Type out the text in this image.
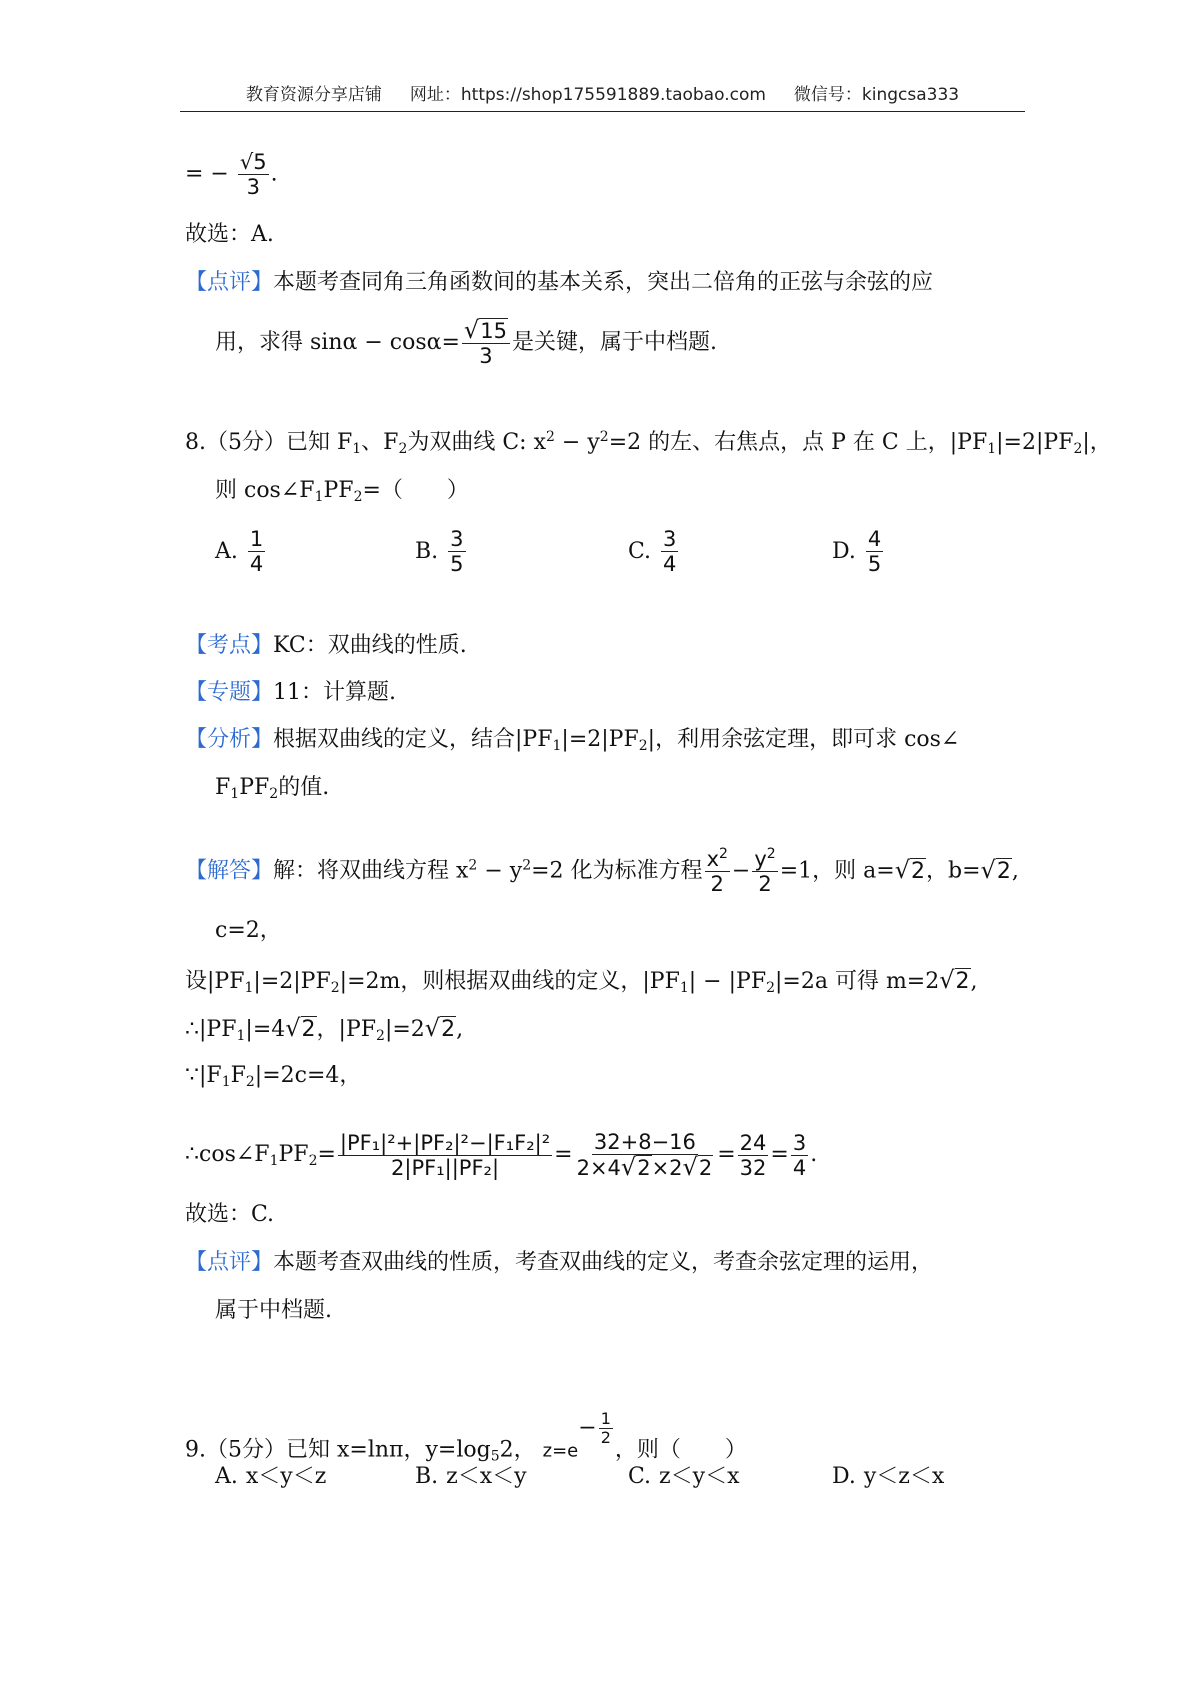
教育资源分享店铺 网址：https://shop175591889.taobao.com 微信号：kingcsa333
= − $\frac{√5}{3}$ .
故选：A.
【点评】本题考查同角三角函数间的基本关系，突出二倍角的正弦与余弦的应
用，求得 $\sin\alpha - \cos\alpha= \frac{√15}{3}$ 是关键，属于中档题.
8.（5分）已知 $F_1$、$F_2$为双曲线 C: $x^2 - y^2=2$ 的左、右焦点，点 P 在 C 上，$|PF_1|=2|PF_2|$，
则 $\cos\angle F_1PF_2=$（　　）
A. $\frac{1}{4}$	B. $\frac{3}{5}$	C. $\frac{3}{4}$	D. $\frac{4}{5}$
【考点】KC：双曲线的性质.
【专题】11：计算题.
【分析】根据双曲线的定义，结合$|PF_1|=2|PF_2|$，利用余弦定理，即可求 cos∠
$F_1PF_2$的值.
【解答】解：将双曲线方程 $x^2 - y^2=2$ 化为标准方程 $\frac{x^2}{2} - \frac{y^2}{2} =1$，则 a=√2，b=√2,
c=2，
设$|PF_1|=2|PF_2|=2m$，则根据双曲线的定义，$|PF_1| - |PF_2|=2a$ 可得 m=2√2,
$\therefore|PF_1|=4√2$，$|PF_2|=2√2$,
$\because|F_1F_2|=2c=4$，
$\therefore\cos\angle F_1PF_2= \frac{\text{|PF₁|²+|PF₂|²−|F₁F₂|²}}{\text{2|PF₁||PF₂|}} = \frac{32+8-16}{2\times 4√2\times 2√2} = \frac{24}{32} = \frac{3}{4}$ .
故选：C.
【点评】本题考查双曲线的性质，考查双曲线的定义，考查余弦定理的运用，
属于中档题.
9.（5分）已知 x=lnπ，$y=\log_52$， $z=e- \frac{1}{2}$
，则（　　）
A. x＜y＜z	B. z＜x＜y	C. z＜y＜x	D. y＜z＜x
